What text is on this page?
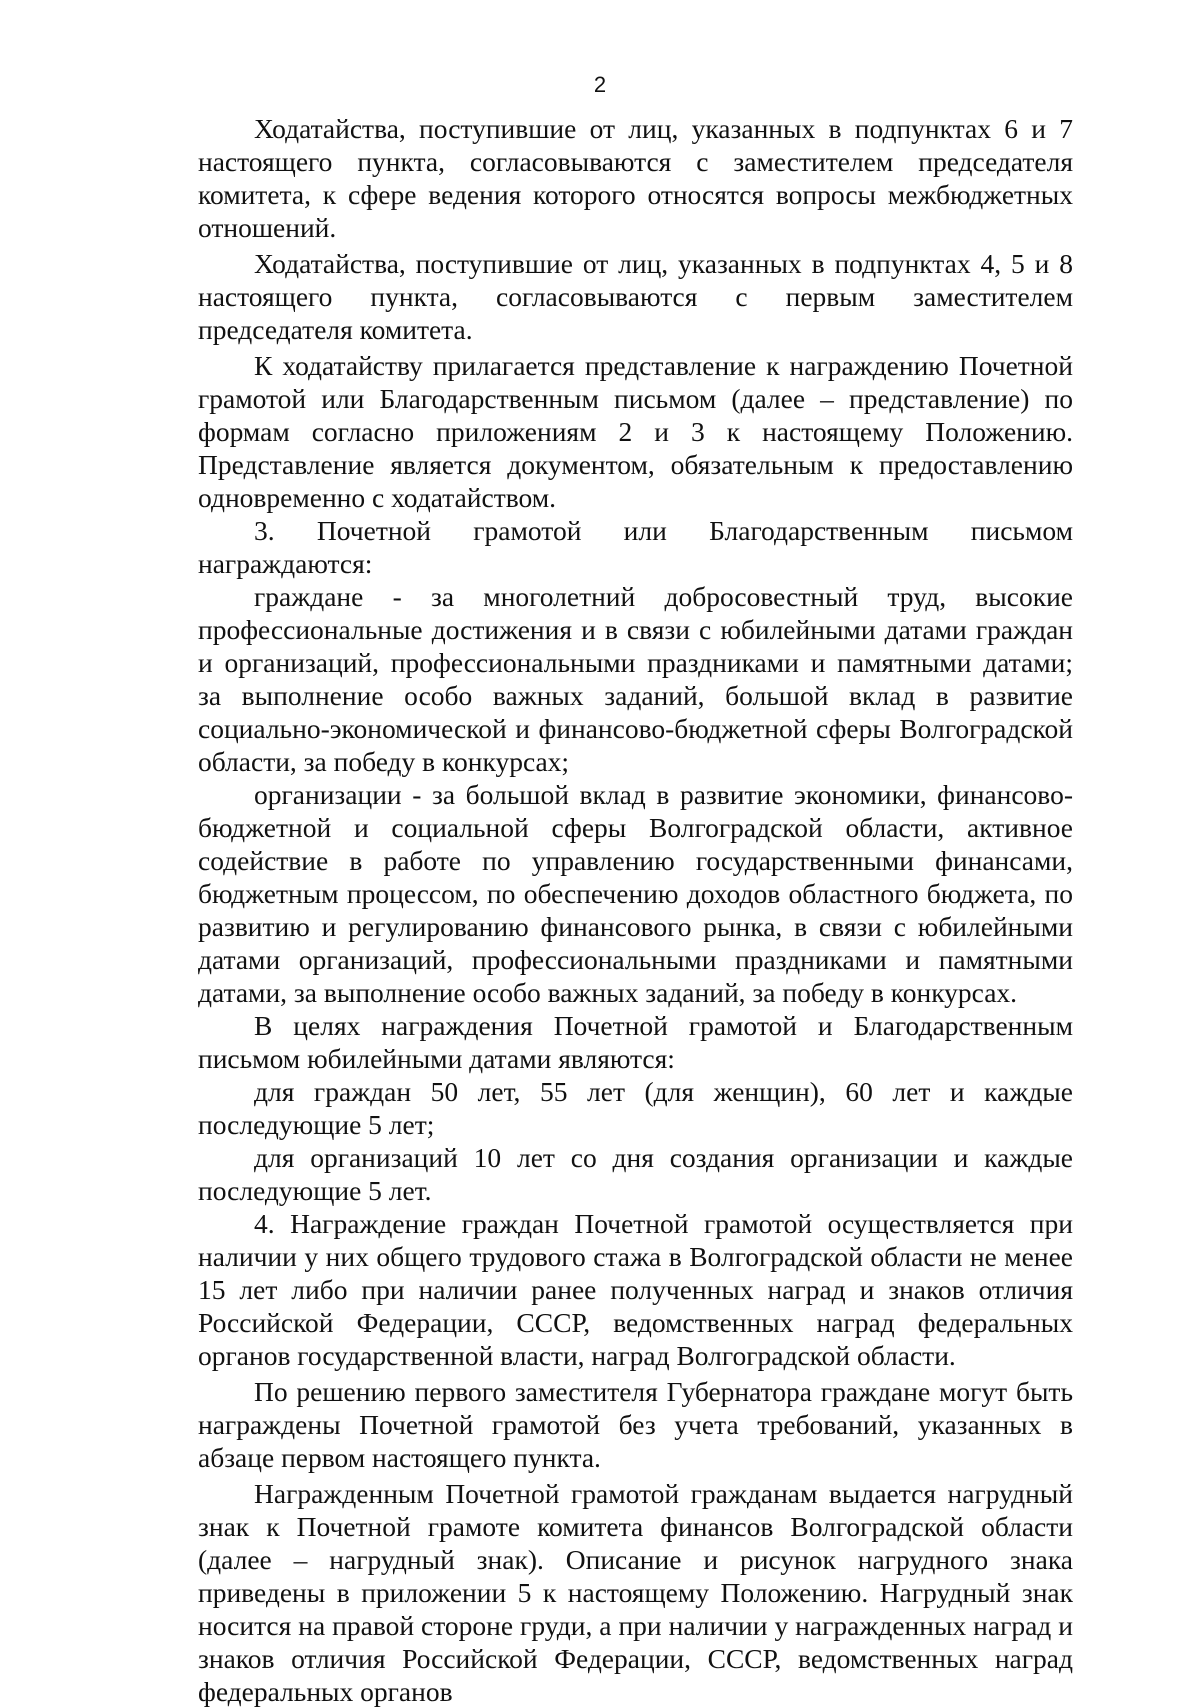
2

Ходатайства, поступившие от лиц, указанных в подпунктах 6 и 7 настоящего пункта, согласовываются с заместителем председателя комитета, к сфере ведения которого относятся вопросы межбюджетных отношений.

Ходатайства, поступившие от лиц, указанных в подпунктах 4, 5 и 8 настоящего пункта, согласовываются с первым заместителем председателя комитета.

К ходатайству прилагается представление к награждению Почетной грамотой или Благодарственным письмом (далее – представление) по формам согласно приложениям 2 и 3 к настоящему Положению. Представление является документом, обязательным к предоставлению одновременно с ходатайством.

3. Почетной грамотой или Благодарственным письмом награждаются:

граждане - за многолетний добросовестный труд, высокие профессиональные достижения и в связи с юбилейными датами граждан и организаций, профессиональными праздниками и памятными датами; за выполнение особо важных заданий, большой вклад в развитие социально-экономической и финансово-бюджетной сферы Волгоградской области, за победу в конкурсах;

организации - за большой вклад в развитие экономики, финансово-бюджетной и социальной сферы Волгоградской области, активное содействие в работе по управлению государственными финансами, бюджетным процессом, по обеспечению доходов областного бюджета, по развитию и регулированию финансового рынка, в связи с юбилейными датами организаций, профессиональными праздниками и памятными датами, за выполнение особо важных заданий, за победу в конкурсах.

В целях награждения Почетной грамотой и Благодарственным письмом юбилейными датами являются:

для граждан 50 лет, 55 лет (для женщин), 60 лет и каждые последующие 5 лет;

для организаций 10 лет со дня создания организации и каждые последующие 5 лет.

4. Награждение граждан Почетной грамотой осуществляется при наличии у них общего трудового стажа в Волгоградской области не менее 15 лет либо при наличии ранее полученных наград и знаков отличия Российской Федерации, СССР, ведомственных наград федеральных органов государственной власти, наград Волгоградской области.

По решению первого заместителя Губернатора граждане могут быть награждены Почетной грамотой без учета требований, указанных в абзаце первом настоящего пункта.

Награжденным Почетной грамотой гражданам выдается нагрудный знак к Почетной грамоте комитета финансов Волгоградской области (далее – нагрудный знак). Описание и рисунок нагрудного знака приведены в приложении 5 к настоящему Положению. Нагрудный знак носится на правой стороне груди, а при наличии у награжденных наград и знаков отличия Российской Федерации, СССР, ведомственных наград федеральных органов
